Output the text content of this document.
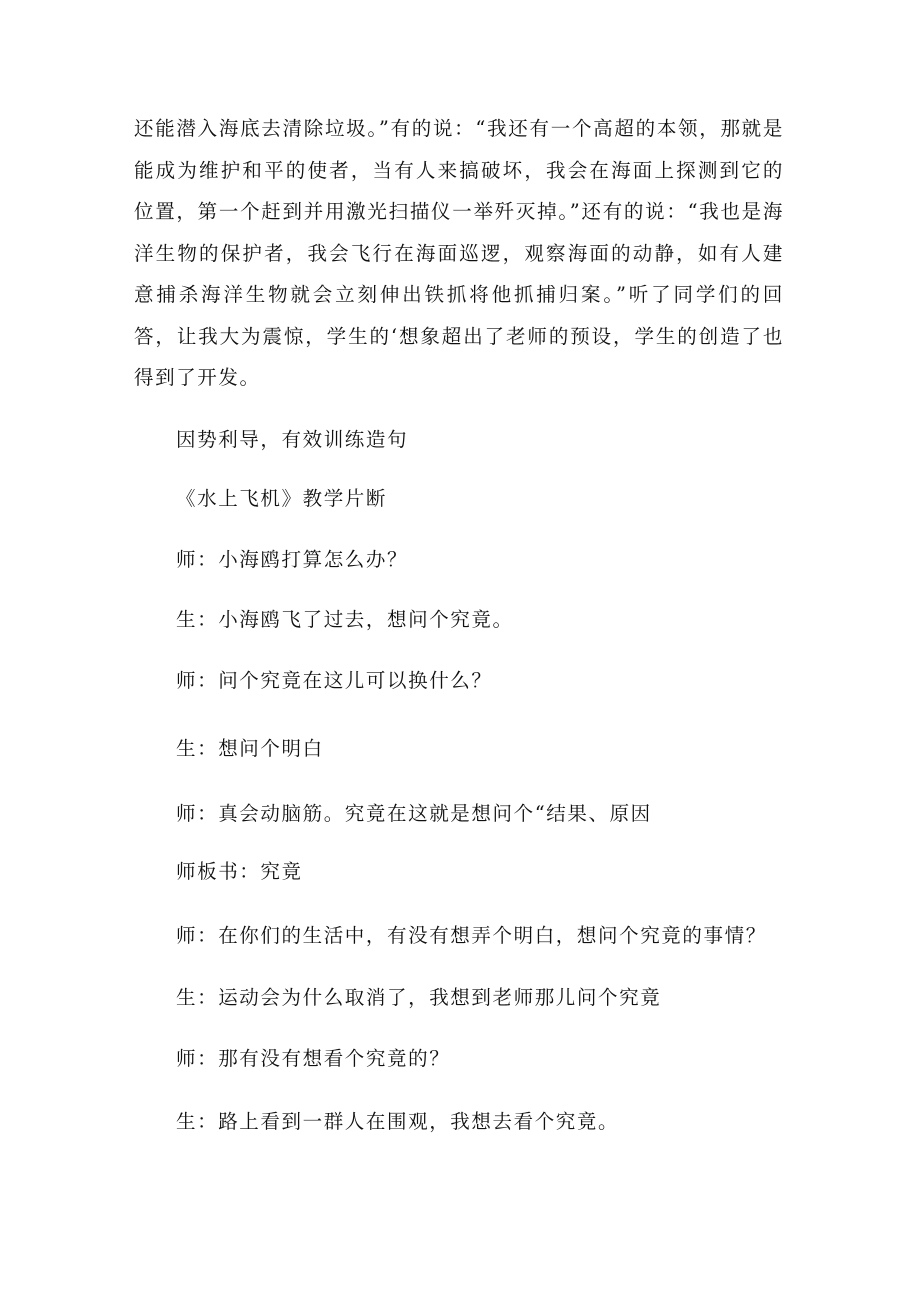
还能潜入海底去清除垃圾。”有的说：“我还有一个高超的本领，那就是能成为维护和平的使者，当有人来搞破坏，我会在海面上探测到它的位置，第一个赶到并用激光扫描仪一举歼灭掉。”还有的说：“我也是海洋生物的保护者，我会飞行在海面巡逻，观察海面的动静，如有人建意捕杀海洋生物就会立刻伸出铁抓将他抓捕归案。”听了同学们的回答，让我大为震惊，学生的‘想象超出了老师的预设，学生的创造了也得到了开发。

因势利导，有效训练造句

《水上飞机》教学片断

师：小海鸥打算怎么办？

生：小海鸥飞了过去，想问个究竟。

师：问个究竟在这儿可以换什么？

生：想问个明白

师：真会动脑筋。究竟在这就是想问个“结果、原因

师板书：究竟

师：在你们的生活中，有没有想弄个明白，想问个究竟的事情？

生：运动会为什么取消了，我想到老师那儿问个究竟

师：那有没有想看个究竟的？

生：路上看到一群人在围观，我想去看个究竟。
